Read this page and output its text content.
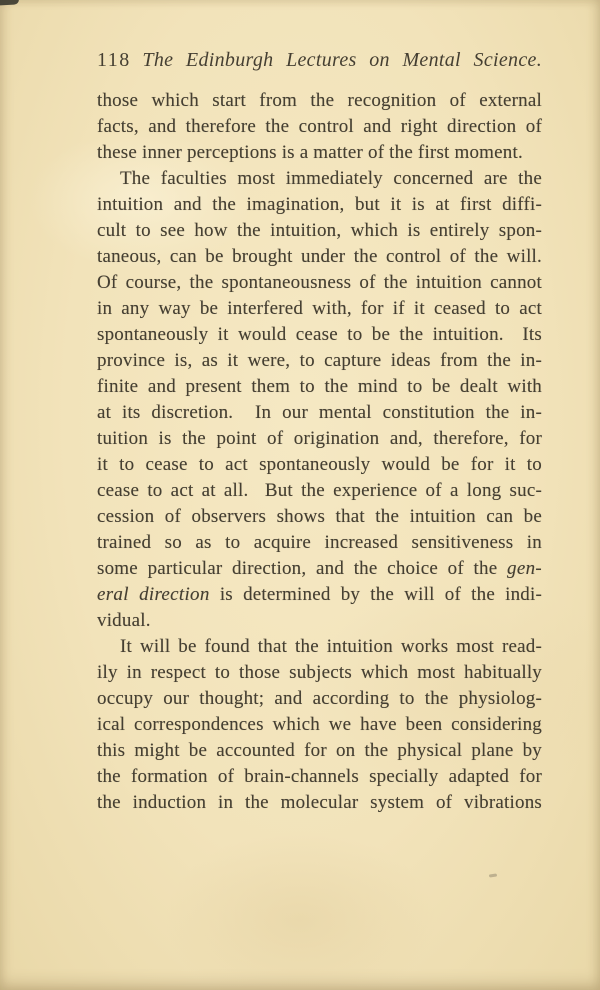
118 The Edinburgh Lectures on Mental Science.
those which start from the recognition of external
facts, and therefore the control and right direction of
these inner perceptions is a matter of the first moment.
The faculties most immediately concerned are the
intuition and the imagination, but it is at first diffi-
cult to see how the intuition, which is entirely spon-
taneous, can be brought under the control of the will.
Of course, the spontaneousness of the intuition cannot
in any way be interfered with, for if it ceased to act
spontaneously it would cease to be the intuition.  Its
province is, as it were, to capture ideas from the in-
finite and present them to the mind to be dealt with
at its discretion.  In our mental constitution the in-
tuition is the point of origination and, therefore, for
it to cease to act spontaneously would be for it to
cease to act at all.  But the experience of a long suc-
cession of observers shows that the intuition can be
trained so as to acquire increased sensitiveness in
some particular direction, and the choice of the gen-
eral direction is determined by the will of the indi-
vidual.
It will be found that the intuition works most read-
ily in respect to those subjects which most habitually
occupy our thought; and according to the physiolog-
ical correspondences which we have been considering
this might be accounted for on the physical plane by
the formation of brain-channels specially adapted for
the induction in the molecular system of vibrations
